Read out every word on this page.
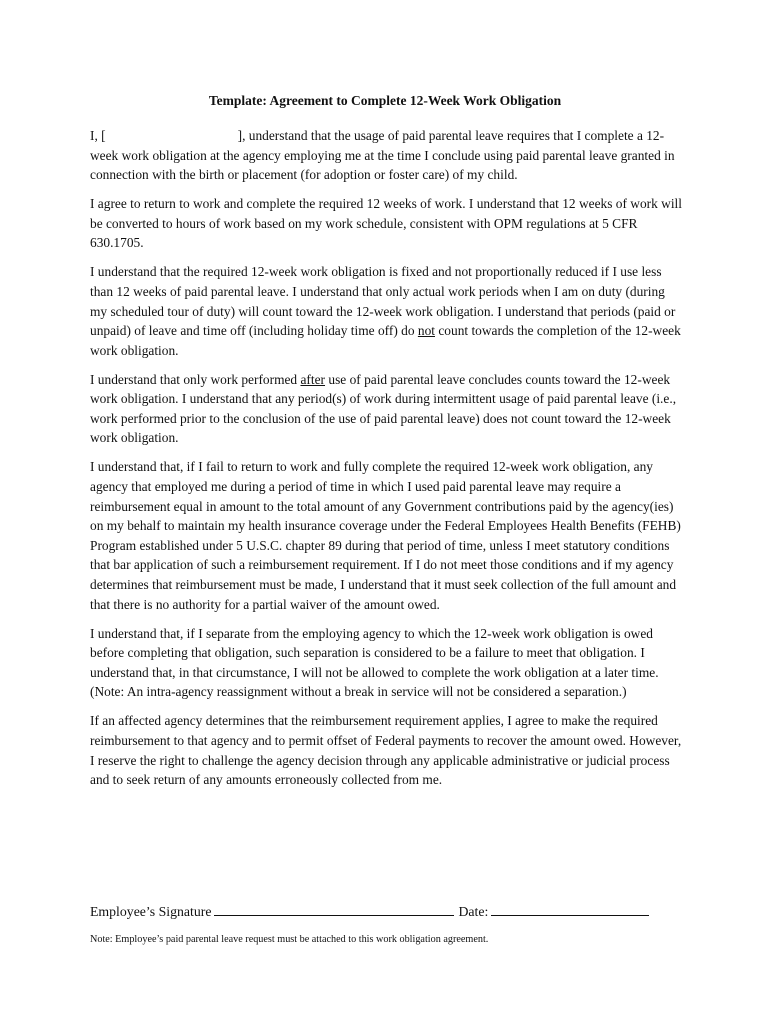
Template: Agreement to Complete 12-Week Work Obligation

I, [	], understand that the usage of paid parental leave requires that I complete a 12-week work obligation at the agency employing me at the time I conclude using paid parental leave granted in connection with the birth or placement (for adoption or foster care) of my child.

I agree to return to work and complete the required 12 weeks of work. I understand that 12 weeks of work will be converted to hours of work based on my work schedule, consistent with OPM regulations at 5 CFR 630.1705.

I understand that the required 12-week work obligation is fixed and not proportionally reduced if I use less than 12 weeks of paid parental leave. I understand that only actual work periods when I am on duty (during my scheduled tour of duty) will count toward the 12-week work obligation. I understand that periods (paid or unpaid) of leave and time off (including holiday time off) do not count towards the completion of the 12-week work obligation.

I understand that only work performed after use of paid parental leave concludes counts toward the 12-week work obligation. I understand that any period(s) of work during intermittent usage of paid parental leave (i.e., work performed prior to the conclusion of the use of paid parental leave) does not count toward the 12-week work obligation.

I understand that, if I fail to return to work and fully complete the required 12-week work obligation, any agency that employed me during a period of time in which I used paid parental leave may require a reimbursement equal in amount to the total amount of any Government contributions paid by the agency(ies) on my behalf to maintain my health insurance coverage under the Federal Employees Health Benefits (FEHB) Program established under 5 U.S.C. chapter 89 during that period of time, unless I meet statutory conditions that bar application of such a reimbursement requirement. If I do not meet those conditions and if my agency determines that reimbursement must be made, I understand that it must seek collection of the full amount and that there is no authority for a partial waiver of the amount owed.

I understand that, if I separate from the employing agency to which the 12-week work obligation is owed before completing that obligation, such separation is considered to be a failure to meet that obligation. I understand that, in that circumstance, I will not be allowed to complete the work obligation at a later time. (Note: An intra-agency reassignment without a break in service will not be considered a separation.)

If an affected agency determines that the reimbursement requirement applies, I agree to make the required reimbursement to that agency and to permit offset of Federal payments to recover the amount owed. However, I reserve the right to challenge the agency decision through any applicable administrative or judicial process and to seek return of any amounts erroneously collected from me.

Employee’s Signature	Date:
Note: Employee’s paid parental leave request must be attached to this work obligation agreement.
